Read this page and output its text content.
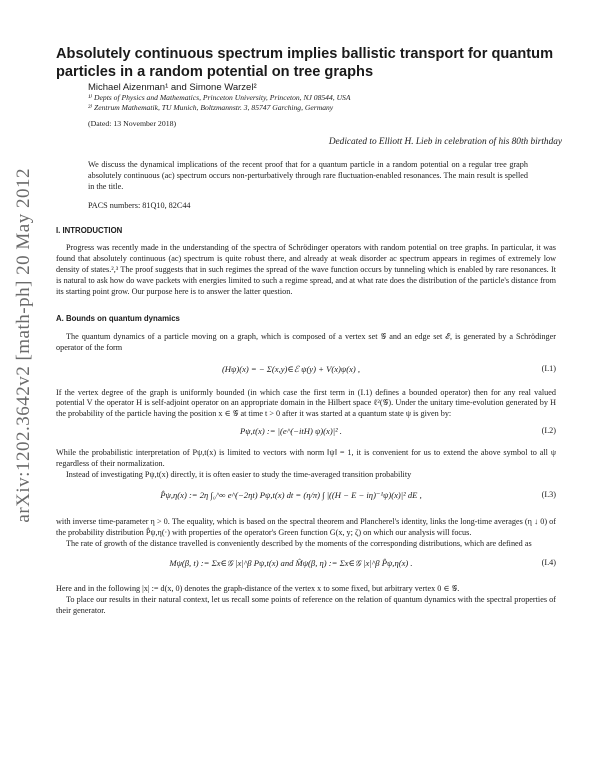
arXiv:1202.3642v2 [math-ph] 20 May 2012
Absolutely continuous spectrum implies ballistic transport for quantum
particles in a random potential on tree graphs
Michael Aizenman¹ and Simone Warzel²
¹⁾ Depts of Physics and Mathematics, Princeton University, Princeton, NJ 08544, USA
²⁾ Zentrum Mathematik, TU Munich, Boltzmannstr. 3, 85747 Garching, Germany
(Dated: 13 November 2018)
Dedicated to Elliott H. Lieb in celebration of his 80th birthday
We discuss the dynamical implications of the recent proof that for a quantum particle in a random potential on a regular tree graph absolutely continuous (ac) spectrum occurs non-perturbatively through rare fluctuation-enabled resonances. The main result is spelled in the title.
PACS numbers: 81Q10, 82C44
I. INTRODUCTION
Progress was recently made in the understanding of the spectra of Schrödinger operators with random potential on tree graphs. In particular, it was found that absolutely continuous (ac) spectrum is quite robust there, and already at weak disorder ac spectrum appears in regimes of extremely low density of states.²,³ The proof suggests that in such regimes the spread of the wave function occurs by tunneling which is enabled by rare resonances. It is natural to ask how do wave packets with energies limited to such a regime spread, and at what rate does the distribution of the particle's distance from its starting point grow. Our purpose here is to answer the latter question.
A. Bounds on quantum dynamics
The quantum dynamics of a particle moving on a graph, which is composed of a vertex set 𝒢 and an edge set ℰ, is generated by a Schrödinger operator of the form
(Hψ)(x) = − Σ(x,y)∈ℰ ψ(y) + V(x)ψ(x) ,	(I.1)
If the vertex degree of the graph is uniformly bounded (in which case the first term in (I.1) defines a bounded operator) then for any real valued potential V the operator H is self-adjoint operator on an appropriate domain in the Hilbert space ℓ²(𝒢). Under the unitary time-evolution generated by H the probability of the particle having the position x ∈ 𝒢 at time t > 0 after it was started at a quantum state ψ is given by:
Pψ,t(x) := |(e^(−itH) ψ)(x)|² .	(I.2)
While the probabilistic interpretation of Pψ,t(x) is limited to vectors with norm ‖ψ‖ = 1, it is convenient for us to extend the above symbol to all ψ regardless of their normalization.
Instead of investigating Pψ,t(x) directly, it is often easier to study the time-averaged transition probability
P̂ψ,η(x) := 2η ∫₀^∞ e^(−2ηt) Pψ,t(x) dt = (η/π) ∫ |((H − E − iη)⁻¹ψ)(x)|² dE ,	(I.3)
with inverse time-parameter η > 0. The equality, which is based on the spectral theorem and Plancherel's identity, links the long-time averages (η ↓ 0) of the probability distribution P̂ψ,η(·) with properties of the operator's Green function G(x, y; ζ) on which our analysis will focus.
The rate of growth of the distance travelled is conveniently described by the moments of the corresponding distributions, which are defined as
Mψ(β, t) := Σx∈𝒢 |x|^β Pψ,t(x) and M̂ψ(β, η) := Σx∈𝒢 |x|^β P̂ψ,η(x) .	(I.4)
Here and in the following |x| := d(x, 0) denotes the graph-distance of the vertex x to some fixed, but arbitrary vertex 0 ∈ 𝒢.
To place our results in their natural context, let us recall some points of reference on the relation of quantum dynamics with the spectral properties of their generator.
